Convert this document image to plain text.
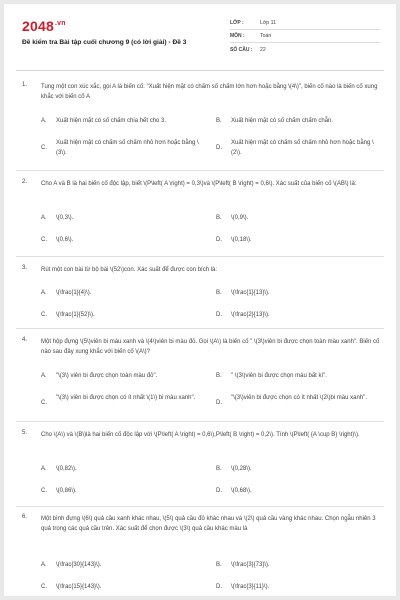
$2048^{.vn}$
Đề kiểm tra Bài tập cuối chương 9 (có lời giải) - Đề 3
LỚP :	Lớp 11
MÔN :	Toán
SỐ CÂU :	22
1. Tung một con xúc xắc, gọi A là biến cố: "Xuất hiện mặt có chấm số chấm lớn hơn hoặc bằng \(4\)", biến cố nào là biến cố xung khắc với biến cố A
A. Xuất hiện mặt có số chấm chia hết cho 3.	B. Xuất hiện mặt có số chấm chấm chẵn.
C.
Xuất hiện mặt có chấm số chấm nhỏ hơn hoặc bằng \(3\).
D.
Xuất hiện mặt có chấm số chấm nhỏ hơn hoặc bằng \(2\).
2. Cho A và B là hai biến cố độc lập, biết \(P\left( A \right) = 0,3\)và \(P\left( B \right) = 0,6\). Xác suất của biến cố \(AB\) là:
A. \(0,3\).	B. \(0,9\).
C. \(0,6\).	D. \(0,18\).
3. Rút một con bài từ bộ bài \(52\)con. Xác suất để được con bích là:
A. \(\frac{1}{4}\).	B. \(\frac{1}{13}\).
C. \(\frac{1}{52}\).	D. \(\frac{2}{13}\).
4. Một hộp đựng \(5\)viên bi màu xanh và \(4\)viên bi màu đỏ. Gọi \(A\) là biến cố " \(3\)viên bi được chọn toàn màu xanh". Biến cố nào sau đây xung khắc với biến cố \(A\)?
A. "\(3\) viên bi được chọn toàn màu đỏ".	B. " \(3\)viên bi được chọn màu bất kì".
C.
"\(3\) viên bi được chọn có ít nhất \(1\) bi màu xanh".
D.
"\(3\)viên bi được chọn có ít nhất \(2\)bi màu xanh".
5. Cho \(A\) và \(B\)là hai biến cố độc lập với \(P\left( A \right) = 0,6\),P\left( B \right) = 0,2\). Tính \(P\left( {A \cup B} \right)\).
A. \(0,82\).	B. \(0,28\).
C. \(0,86\).	D. \(0,68\).
6. Một bình đựng \(6\) quả cầu xanh khác nhau, \(5\) quả cầu đỏ khác nhau và \(2\) quả cầu vàng khác nhau. Chọn ngẫu nhiên 3 quả trong các quả cầu trên. Xác suất để chọn được \(3\) quả cầu khác màu là
A. \(\frac{30}{143}\).	B. \(\frac{3}{73}\).
C. \(\frac{15}{143}\).	D. \(\frac{3}{11}\).
